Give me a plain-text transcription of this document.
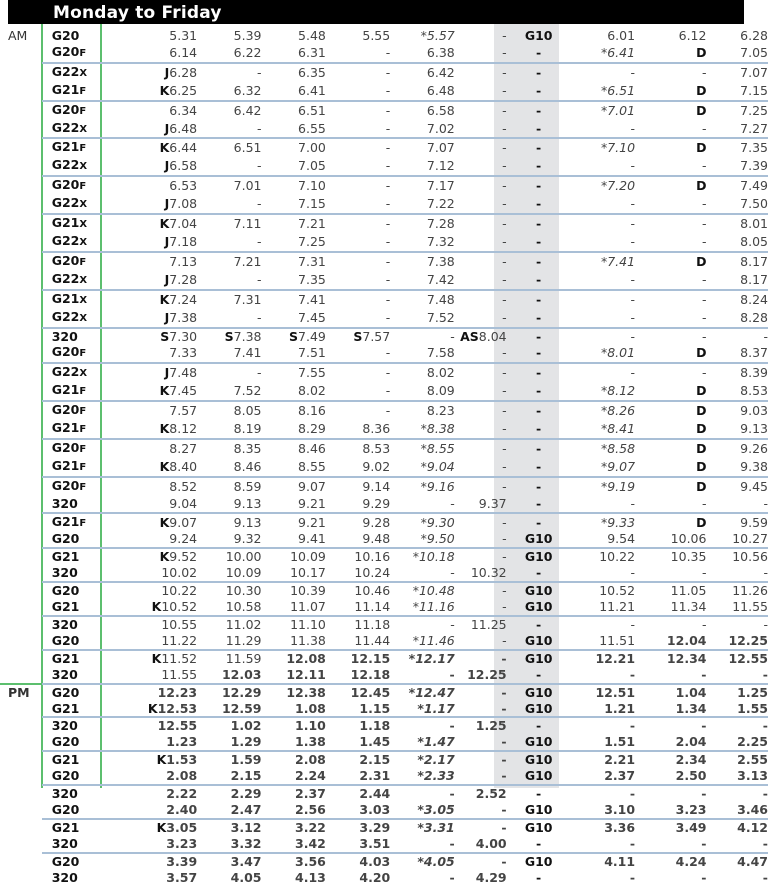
Monday to Friday
AM	G20	5.31	5.39	5.48	5.55	*5.57	-	G10	6.01	6.12	6.28
	G20F	6.14	6.22	6.31	-	6.38	-	-	*6.41	D	7.05
	G22X	J6.28	-	6.35	-	6.42	-	-	-	-	7.07
	G21F	K6.25	6.32	6.41	-	6.48	-	-	*6.51	D	7.15
	G20F	6.34	6.42	6.51	-	6.58	-	-	*7.01	D	7.25
	G22X	J6.48	-	6.55	-	7.02	-	-	-	-	7.27
	G21F	K6.44	6.51	7.00	-	7.07	-	-	*7.10	D	7.35
	G22X	J6.58	-	7.05	-	7.12	-	-	-	-	7.39
	G20F	6.53	7.01	7.10	-	7.17	-	-	*7.20	D	7.49
	G22X	J7.08	-	7.15	-	7.22	-	-	-	-	7.50
	G21X	K7.04	7.11	7.21	-	7.28	-	-	-	-	8.01
	G22X	J7.18	-	7.25	-	7.32	-	-	-	-	8.05
	G20F	7.13	7.21	7.31	-	7.38	-	-	*7.41	D	8.17
	G22X	J7.28	-	7.35	-	7.42	-	-	-	-	8.17
	G21X	K7.24	7.31	7.41	-	7.48	-	-	-	-	8.24
	G22X	J7.38	-	7.45	-	7.52	-	-	-	-	8.28
	320	S7.30	S7.38	S7.49	S7.57	-	AS8.04	-	-	-	-
	G20F	7.33	7.41	7.51	-	7.58	-	-	*8.01	D	8.37
	G22X	J7.48	-	7.55	-	8.02	-	-	-	-	8.39
	G21F	K7.45	7.52	8.02	-	8.09	-	-	*8.12	D	8.53
	G20F	7.57	8.05	8.16	-	8.23	-	-	*8.26	D	9.03
	G21F	K8.12	8.19	8.29	8.36	*8.38	-	-	*8.41	D	9.13
	G20F	8.27	8.35	8.46	8.53	*8.55	-	-	*8.58	D	9.26
	G21F	K8.40	8.46	8.55	9.02	*9.04	-	-	*9.07	D	9.38
	G20F	8.52	8.59	9.07	9.14	*9.16	-	-	*9.19	D	9.45
	320	9.04	9.13	9.21	9.29	-	9.37	-	-	-	-
	G21F	K9.07	9.13	9.21	9.28	*9.30	-	-	*9.33	D	9.59
	G20	9.24	9.32	9.41	9.48	*9.50	-	G10	9.54	10.06	10.27
	G21	K9.52	10.00	10.09	10.16	*10.18	-	G10	10.22	10.35	10.56
	320	10.02	10.09	10.17	10.24	-	10.32	-	-	-	-
	G20	10.22	10.30	10.39	10.46	*10.48	-	G10	10.52	11.05	11.26
	G21	K10.52	10.58	11.07	11.14	*11.16	-	G10	11.21	11.34	11.55
	320	10.55	11.02	11.10	11.18	-	11.25	-	-	-	-
	G20	11.22	11.29	11.38	11.44	*11.46	-	G10	11.51	12.04	12.25
	G21	K11.52	11.59	12.08	12.15	*12.17	-	G10	12.21	12.34	12.55
	320	11.55	12.03	12.11	12.18	-	12.25	-	-	-	-
PM	G20	12.23	12.29	12.38	12.45	*12.47	-	G10	12.51	1.04	1.25
	G21	K12.53	12.59	1.08	1.15	*1.17	-	G10	1.21	1.34	1.55
	320	12.55	1.02	1.10	1.18	-	1.25	-	-	-	-
	G20	1.23	1.29	1.38	1.45	*1.47	-	G10	1.51	2.04	2.25
	G21	K1.53	1.59	2.08	2.15	*2.17	-	G10	2.21	2.34	2.55
	G20	2.08	2.15	2.24	2.31	*2.33	-	G10	2.37	2.50	3.13
	320	2.22	2.29	2.37	2.44	-	2.52	-	-	-	-
	G20	2.40	2.47	2.56	3.03	*3.05	-	G10	3.10	3.23	3.46
	G21	K3.05	3.12	3.22	3.29	*3.31	-	G10	3.36	3.49	4.12
	320	3.23	3.32	3.42	3.51	-	4.00	-	-	-	-
	G20	3.39	3.47	3.56	4.03	*4.05	-	G10	4.11	4.24	4.47
	320	3.57	4.05	4.13	4.20	-	4.29	-	-	-	-
